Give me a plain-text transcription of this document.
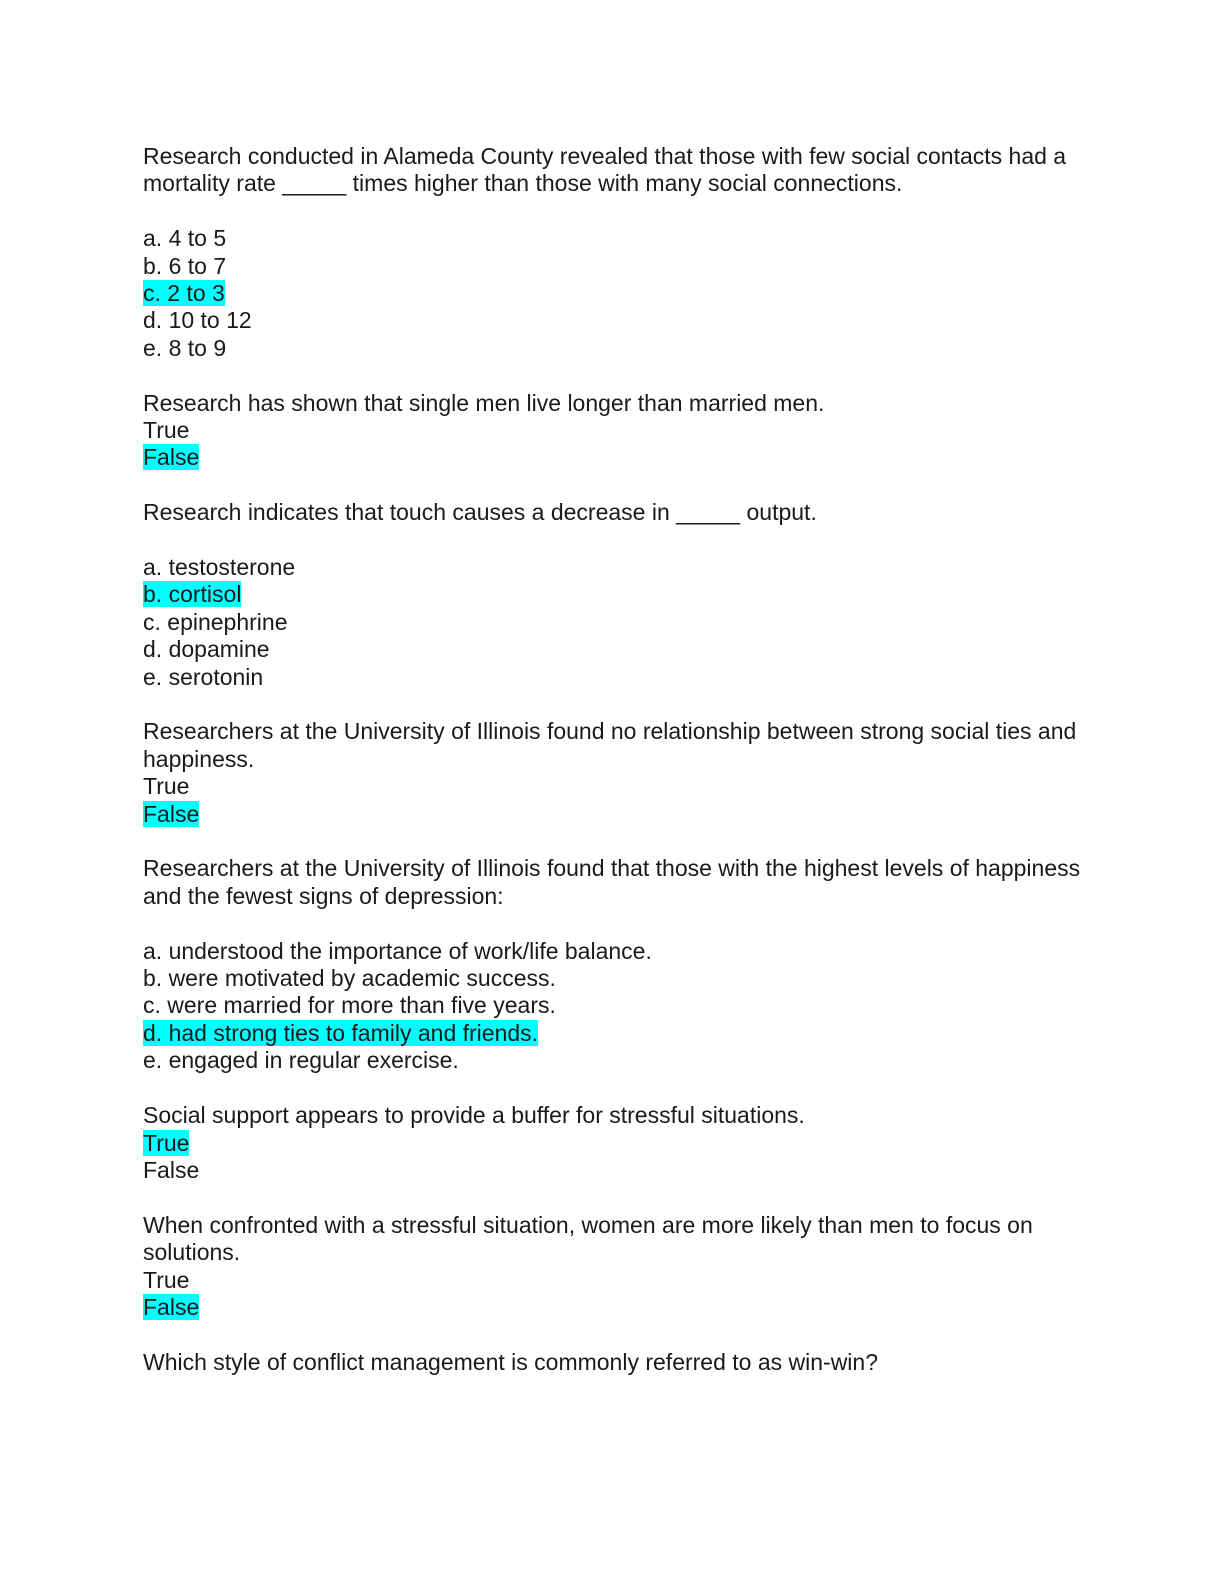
Research conducted in Alameda County revealed that those with few social contacts had a mortality rate _____ times higher than those with many social connections.

a. 4 to 5
b. 6 to 7
c. 2 to 3
d. 10 to 12
e. 8 to 9

Research has shown that single men live longer than married men.

True
False

Research indicates that touch causes a decrease in _____ output.

a. testosterone
b. cortisol
c. epinephrine
d. dopamine
e. serotonin

Researchers at the University of Illinois found no relationship between strong social ties and happiness.

True
False

Researchers at the University of Illinois found that those with the highest levels of happiness and the fewest signs of depression:

a. understood the importance of work/life balance.
b. were motivated by academic success.
c. were married for more than five years.
d. had strong ties to family and friends.
e. engaged in regular exercise.

Social support appears to provide a buffer for stressful situations.

True
False

When confronted with a stressful situation, women are more likely than men to focus on solutions.

True
False

Which style of conflict management is commonly referred to as win-win?
